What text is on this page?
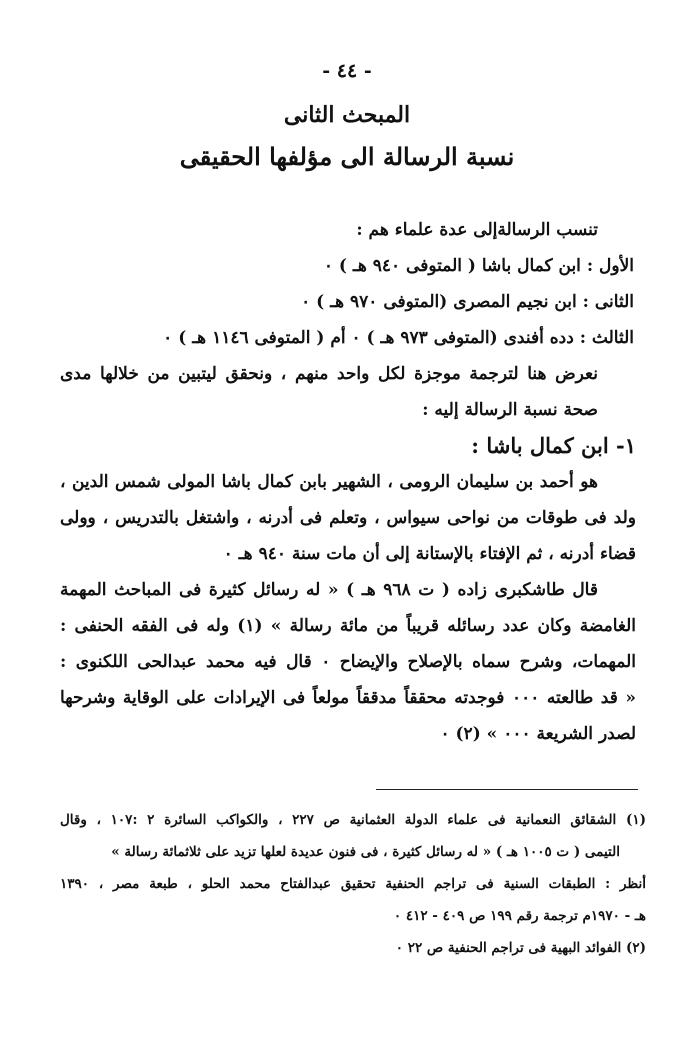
- ٤٤ -
المبحث الثانى
نسبة الرسالة الى مؤلفها الحقيقى
تنسب الرسالةإلى عدة علماء هم :
الأول : ابن كمال باشا ( المتوفى ٩٤٠ هـ ) ٠
الثانى : ابن نجيم المصرى (المتوفى ٩٧٠ هـ ) ٠
الثالث : دده أفندى (المتوفى ٩٧٣ هـ ) ٠ أم ( المتوفى ١١٤٦ هـ ) ٠
نعرض هنا لترجمة موجزة لكل واحد منهم ، ونحقق ليتبين من خلالها مدى
صحة نسبة الرسالة إليه :
١- ابن كمال باشا :
هو أحمد بن سليمان الرومى ، الشهير بابن كمال باشا المولى شمس الدين ،
ولد فى طوقات من نواحى سيواس ، وتعلم فى أدرنه ، واشتغل بالتدريس ، وولى
قضاء أدرنه ، ثم الإفتاء بالإستانة إلى أن مات سنة ٩٤٠ هـ ٠
قال طاشكبرى زاده ( ت ٩٦٨ هـ ) « له رسائل كثيرة فى المباحث المهمة
الغامضة وكان عدد رسائله قريباً من مائة رسالة » (١) وله فى الفقه الحنفى :
المهمات، وشرح سماه بالإصلاح والإيضاح ٠ قال فيه محمد عبدالحى اللكنوى :
« قد طالعته ٠٠٠ فوجدته محققاً مدققاً مولعاً فى الإيرادات على الوقاية وشرحها
لصدر الشريعة ٠٠٠ » (٢) ٠
(١) الشقائق النعمانية فى علماء الدولة العثمانية ص ٢٢٧ ، والكواكب السائرة ٢ :١٠٧ ، وقال
التيمى ( ت ١٠٠٥ هـ ) « له رسائل كثيرة ، فى فنون عديدة لعلها تزيد على ثلاثمائة رسالة »
أنظر : الطبقات السنية فى تراجم الحنفية تحقيق عبدالفتاح محمد الحلو ، طبعة مصر ، ١٣٩٠
هـ - ١٩٧٠م ترجمة رقم ١٩٩ ص ٤٠٩ - ٤١٢ ٠
(٢) الفوائد البهية فى تراجم الحنفية ص ٢٢ ٠
